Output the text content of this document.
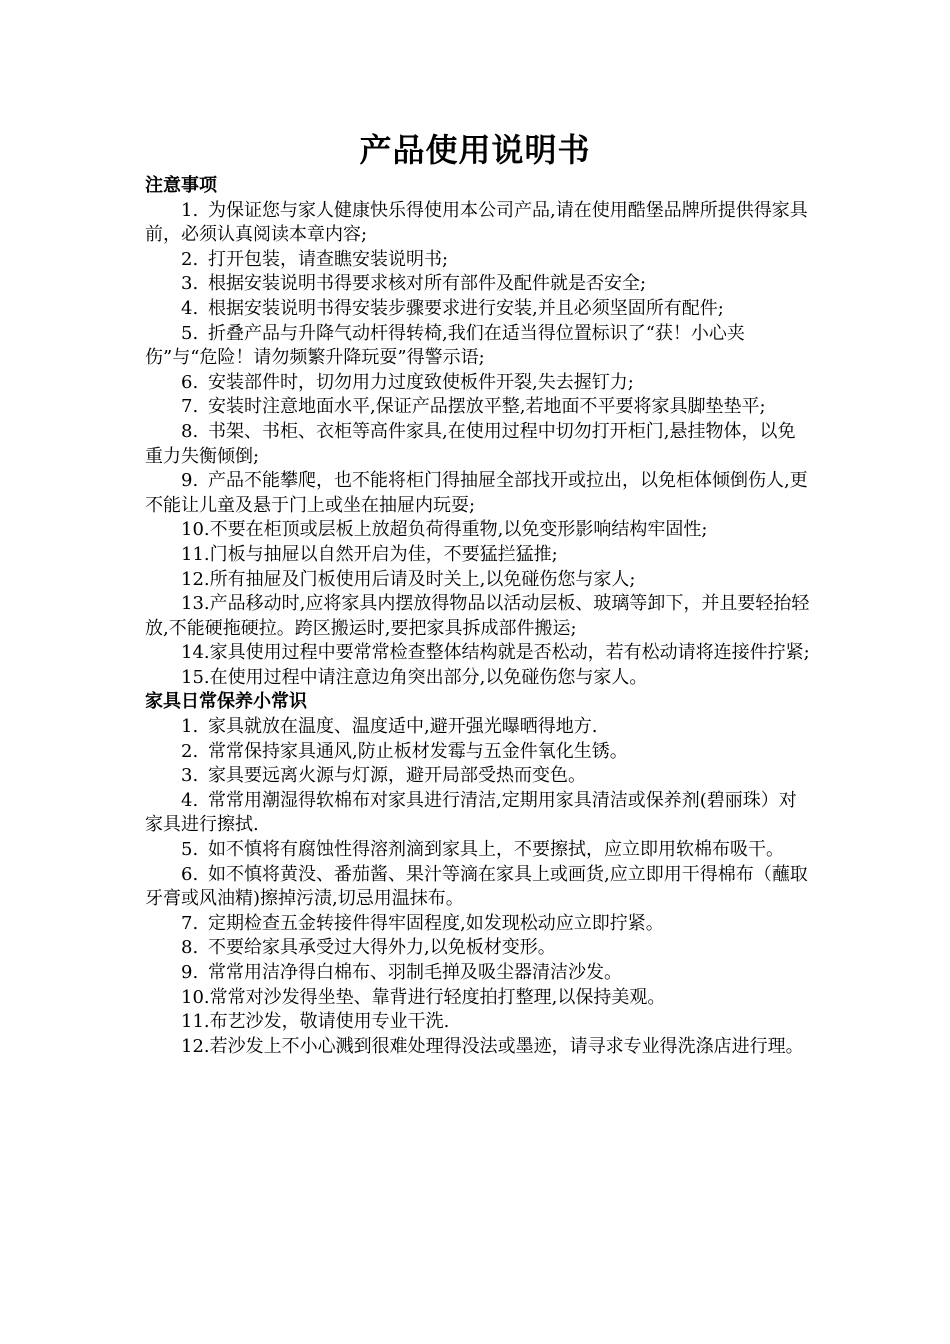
产品使用说明书

注意事项

1. 为保证您与家人健康快乐得使用本公司产品,请在使用酷堡品牌所提供得家具前，必须认真阅读本章内容;

2. 打开包装，请查瞧安装说明书;

3. 根据安装说明书得要求核对所有部件及配件就是否安全;

4. 根据安装说明书得安装步骤要求进行安装,并且必须坚固所有配件;

5. 折叠产品与升降气动杆得转椅,我们在适当得位置标识了“获！小心夹伤”与“危险！请勿频繁升降玩耍”得警示语;

6. 安装部件时，切勿用力过度致使板件开裂,失去握钉力;

7. 安装时注意地面水平,保证产品摆放平整,若地面不平要将家具脚垫垫平;

8. 书架、书柜、衣柜等高件家具,在使用过程中切勿打开柜门,悬挂物体，以免重力失衡倾倒;

9. 产品不能攀爬，也不能将柜门得抽屉全部找开或拉出，以免柜体倾倒伤人,更不能让儿童及悬于门上或坐在抽屉内玩耍;

10.不要在柜顶或层板上放超负荷得重物,以免变形影响结构牢固性;

11.门板与抽屉以自然开启为佳，不要猛拦猛推;

12.所有抽屉及门板使用后请及时关上,以免碰伤您与家人;

13.产品移动时,应将家具内摆放得物品以活动层板、玻璃等卸下，并且要轻抬轻放,不能硬拖硬拉。跨区搬运时,要把家具拆成部件搬运;

14.家具使用过程中要常常检查整体结构就是否松动，若有松动请将连接件拧紧;

15.在使用过程中请注意边角突出部分,以免碰伤您与家人。

家具日常保养小常识

1. 家具就放在温度、温度适中,避开强光曝晒得地方.

2. 常常保持家具通风,防止板材发霉与五金件氧化生锈。

3. 家具要远离火源与灯源，避开局部受热而变色。

4. 常常用潮湿得软棉布对家具进行清洁,定期用家具清洁或保养剂(碧丽珠）对家具进行擦拭.

5. 如不慎将有腐蚀性得溶剂滴到家具上，不要擦拭，应立即用软棉布吸干。

6. 如不慎将黄没、番茄酱、果汁等滴在家具上或画货,应立即用干得棉布（蘸取牙膏或风油精)擦掉污渍,切忌用温抹布。

7. 定期检查五金转接件得牢固程度,如发现松动应立即拧紧。

8. 不要给家具承受过大得外力,以免板材变形。

9. 常常用洁净得白棉布、羽制毛掸及吸尘器清洁沙发。

10.常常对沙发得坐垫、靠背进行轻度拍打整理,以保持美观。

11.布艺沙发，敬请使用专业干洗.

12.若沙发上不小心溅到很难处理得没法或墨迹，请寻求专业得洗涤店进行理。
